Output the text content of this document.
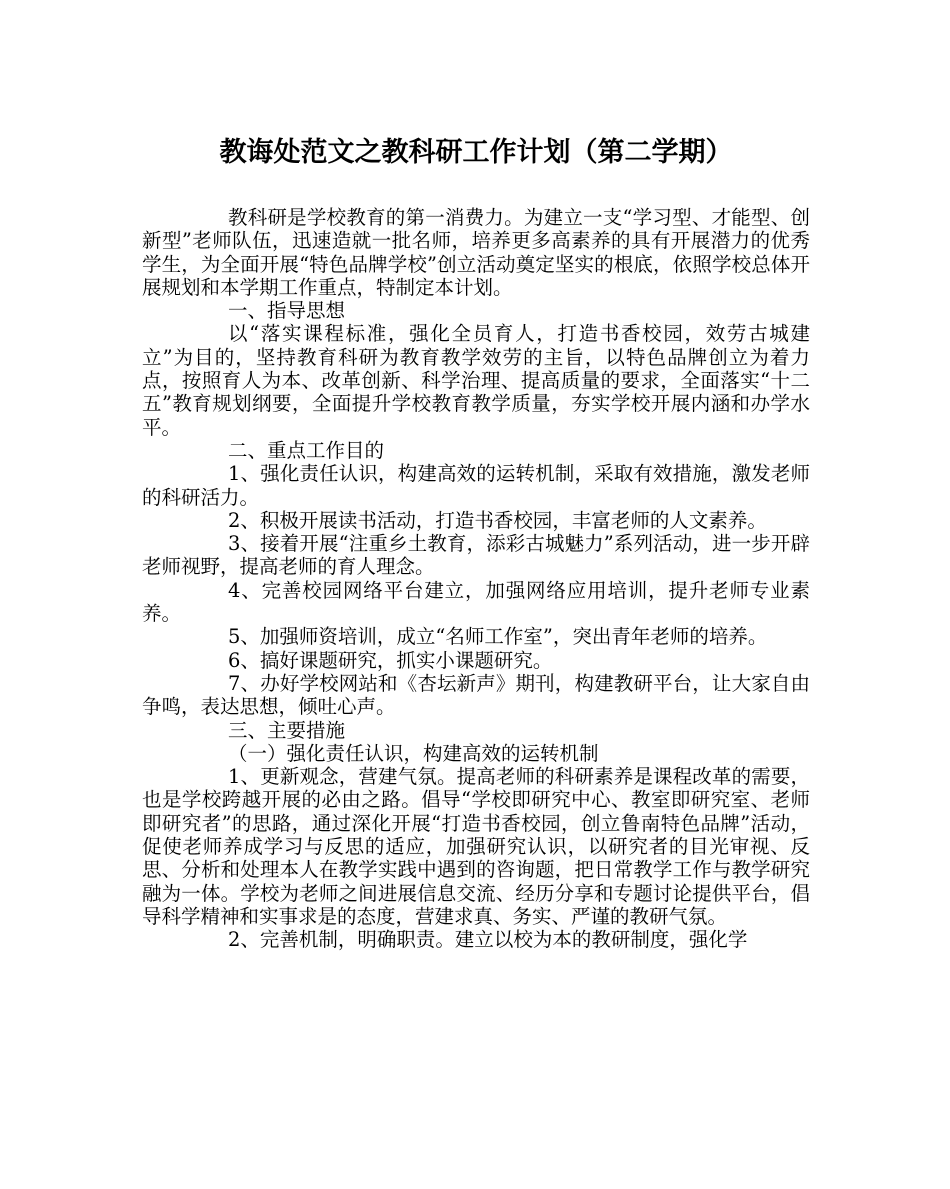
教诲处范文之教科研工作计划（第二学期）

教科研是学校教育的第一消费力。为建立一支“学习型、才能型、创新型”老师队伍，迅速造就一批名师，培养更多高素养的具有开展潜力的优秀学生，为全面开展“特色品牌学校”创立活动奠定坚实的根底，依照学校总体开展规划和本学期工作重点，特制定本计划。

一、指导思想

以“落实课程标准，强化全员育人，打造书香校园，效劳古城建立”为目的，坚持教育科研为教育教学效劳的主旨，以特色品牌创立为着力点，按照育人为本、改革创新、科学治理、提高质量的要求，全面落实“十二五”教育规划纲要，全面提升学校教育教学质量，夯实学校开展内涵和办学水平。

二、重点工作目的

1、强化责任认识，构建高效的运转机制，采取有效措施，激发老师的科研活力。

2、积极开展读书活动，打造书香校园，丰富老师的人文素养。

3、接着开展“注重乡土教育，添彩古城魅力”系列活动，进一步开辟老师视野，提高老师的育人理念。

4、完善校园网络平台建立，加强网络应用培训，提升老师专业素养。

5、加强师资培训，成立“名师工作室”，突出青年老师的培养。

6、搞好课题研究，抓实小课题研究。

7、办好学校网站和《杏坛新声》期刊，构建教研平台，让大家自由争鸣，表达思想，倾吐心声。

三、主要措施

（一）强化责任认识，构建高效的运转机制

1、更新观念，营建气氛。提高老师的科研素养是课程改革的需要，也是学校跨越开展的必由之路。倡导“学校即研究中心、教室即研究室、老师即研究者”的思路，通过深化开展“打造书香校园，创立鲁南特色品牌”活动，促使老师养成学习与反思的适应，加强研究认识，以研究者的目光审视、反思、分析和处理本人在教学实践中遇到的咨询题，把日常教学工作与教学研究融为一体。学校为老师之间进展信息交流、经历分享和专题讨论提供平台，倡导科学精神和实事求是的态度，营建求真、务实、严谨的教研气氛。

2、完善机制，明确职责。建立以校为本的教研制度，强化学
